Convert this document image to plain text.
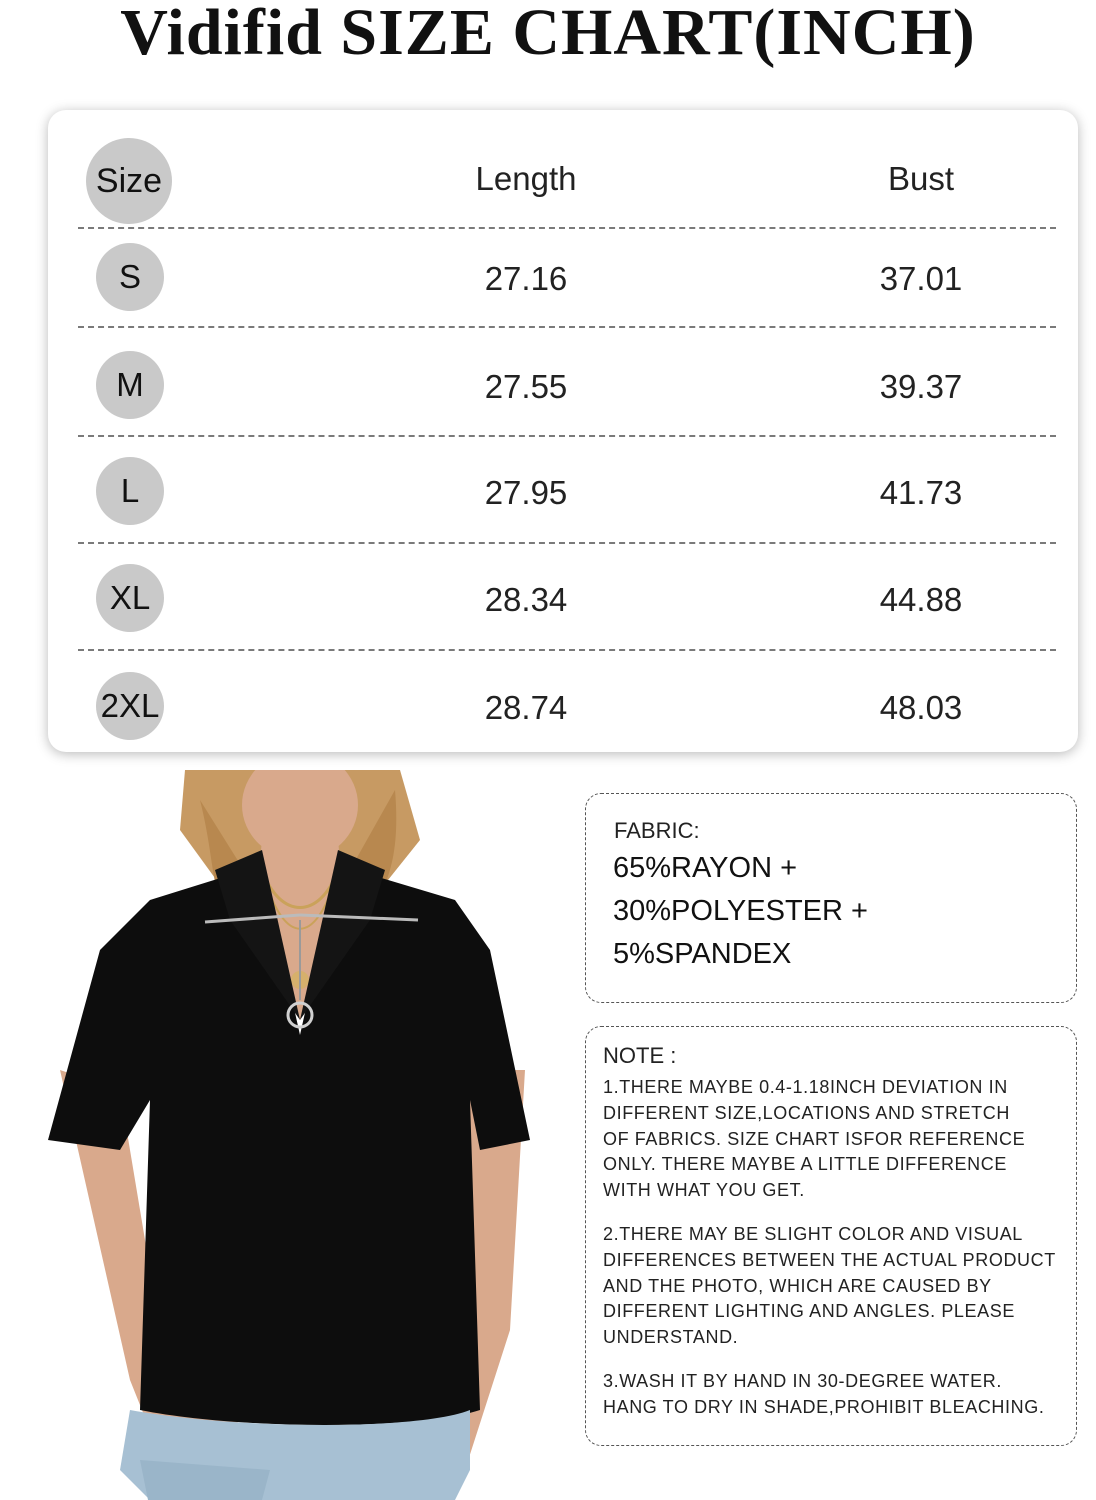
Vidifid SIZE CHART(INCH)
Size	Length	Bust
S	27.16	37.01
M	27.55	39.37
L	27.95	41.73
XL	28.34	44.88
2XL	28.74	48.03
FABRIC:
65%RAYON +
30%POLYESTER +
5%SPANDEX
NOTE :
1.THERE MAYBE 0.4-1.18INCH DEVIATION IN
DIFFERENT SIZE,LOCATIONS AND STRETCH
OF FABRICS. SIZE CHART ISFOR REFERENCE
ONLY. THERE MAYBE A LITTLE DIFFERENCE
WITH WHAT YOU GET.
2.THERE MAY BE SLIGHT COLOR AND VISUAL
DIFFERENCES BETWEEN THE ACTUAL PRODUCT
AND THE PHOTO, WHICH ARE CAUSED BY
DIFFERENT LIGHTING AND ANGLES. PLEASE
UNDERSTAND.
3.WASH IT BY HAND IN 30-DEGREE WATER.
HANG TO DRY IN SHADE,PROHIBIT BLEACHING.
